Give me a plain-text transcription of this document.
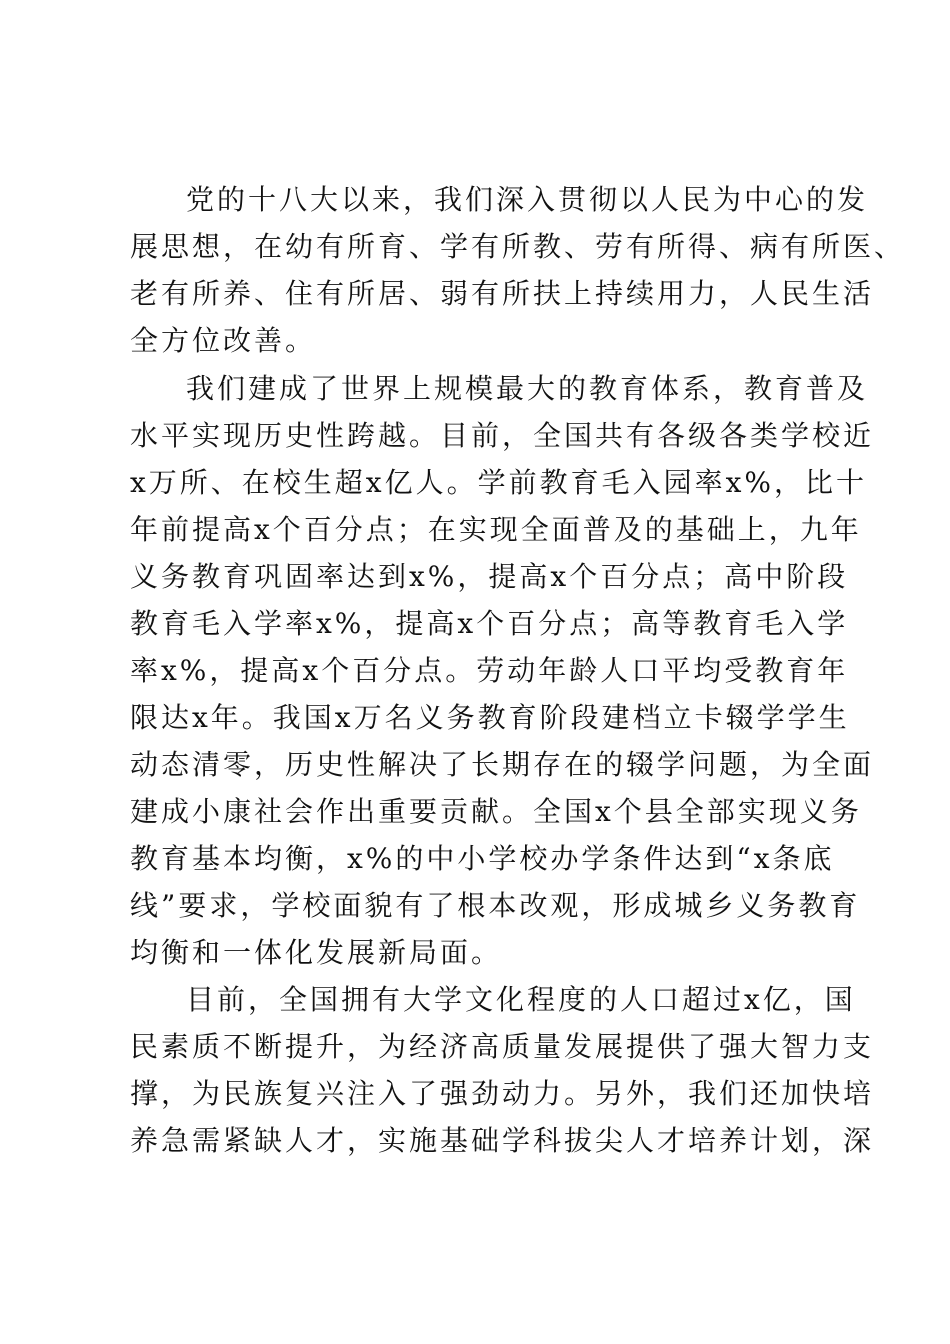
党的十八大以来，我们深入贯彻以人民为中心的发
展思想，在幼有所育、学有所教、劳有所得、病有所医、
老有所养、住有所居、弱有所扶上持续用力，人民生活
全方位改善。
我们建成了世界上规模最大的教育体系，教育普及
水平实现历史性跨越。目前，全国共有各级各类学校近
x万所、在校生超x亿人。学前教育毛入园率x%，比十
年前提高x个百分点；在实现全面普及的基础上，九年
义务教育巩固率达到x%，提高x个百分点；高中阶段
教育毛入学率x%，提高x个百分点；高等教育毛入学
率x%，提高x个百分点。劳动年龄人口平均受教育年
限达x年。我国x万名义务教育阶段建档立卡辍学学生
动态清零，历史性解决了长期存在的辍学问题，为全面
建成小康社会作出重要贡献。全国x个县全部实现义务
教育基本均衡，x%的中小学校办学条件达到“x条底
线”要求，学校面貌有了根本改观，形成城乡义务教育
均衡和一体化发展新局面。
目前，全国拥有大学文化程度的人口超过x亿，国
民素质不断提升，为经济高质量发展提供了强大智力支
撑，为民族复兴注入了强劲动力。另外，我们还加快培
养急需紧缺人才，实施基础学科拔尖人才培养计划，深
